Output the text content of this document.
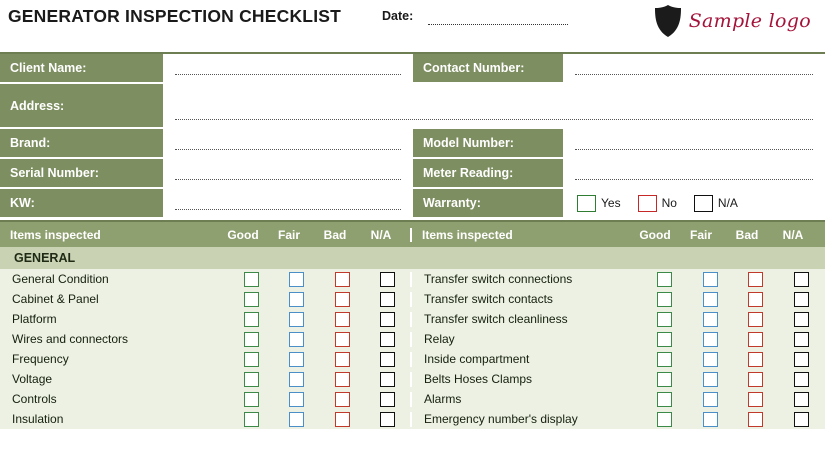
GENERATOR INSPECTION CHECKLIST	Date:	Sample logo
Client Name:	Contact Number:
Address:
Brand:	Model Number:
Serial Number:	Meter Reading:
KW:	Warranty:	Yes	No	N/A
Items inspected	Good	Fair	Bad	N/A	Items inspected	Good	Fair	Bad	N/A
GENERAL
General Condition	Transfer switch connections
Cabinet & Panel	Transfer switch contacts
Platform	Transfer switch cleanliness
Wires and connectors	Relay
Frequency	Inside compartment
Voltage	Belts Hoses Clamps
Controls	Alarms
Insulation	Emergency number's display
